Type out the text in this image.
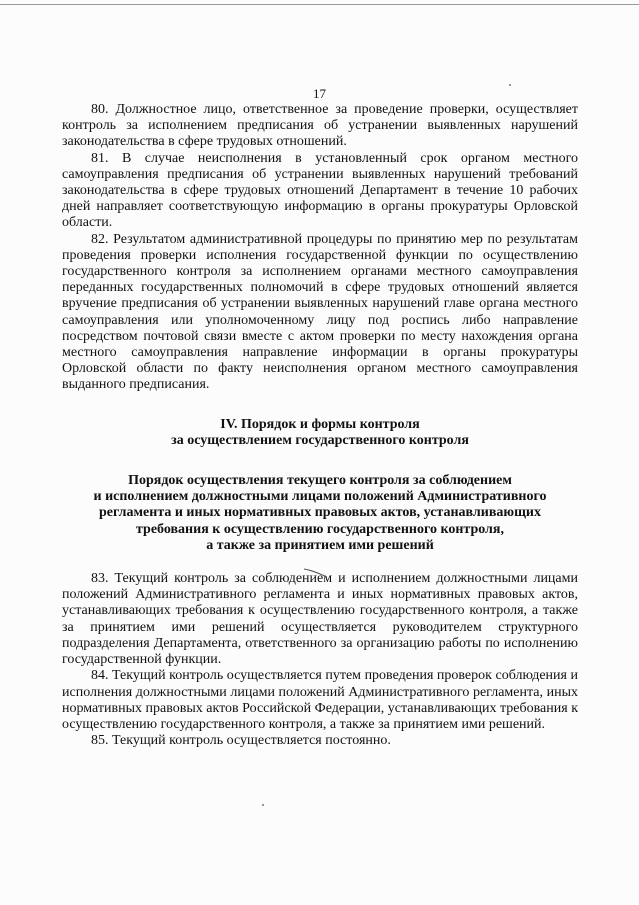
17

80. Должностное лицо, ответственное за проведение проверки, осуществляет контроль за исполнением предписания об устранении выявленных нарушений законодательства в сфере трудовых отношений.

81. В случае неисполнения в установленный срок органом местного самоуправления предписания об устранении выявленных нарушений требований законодательства в сфере трудовых отношений Департамент в течение 10 рабочих дней направляет соответствующую информацию в органы прокуратуры Орловской области.

82. Результатом административной процедуры по принятию мер по результатам проведения проверки исполнения государственной функции по осуществлению государственного контроля за исполнением органами местного самоуправления переданных государственных полномочий в сфере трудовых отношений является вручение предписания об устранении выявленных нарушений главе органа местного самоуправления или уполномоченному лицу под роспись либо направление посредством почтовой связи вместе с актом проверки по месту нахождения органа местного самоуправления направление информации в органы прокуратуры Орловской области по факту неисполнения органом местного самоуправления выданного предписания.

IV. Порядок и формы контроля
за осуществлением государственного контроля
Порядок осуществления текущего контроля за соблюдением
и исполнением должностными лицами положений Административного
регламента и иных нормативных правовых актов, устанавливающих
требования к осуществлению государственного контроля,
а также за принятием ими решений

83. Текущий контроль за соблюдением и исполнением должностными лицами положений Административного регламента и иных нормативных правовых актов, устанавливающих требования к осуществлению государственного контроля, а также за принятием ими решений осуществляется руководителем структурного подразделения Департамента, ответственного за организацию работы по исполнению государственной функции.

84. Текущий контроль осуществляется путем проведения проверок соблюдения и исполнения должностными лицами положений Административного регламента, иных нормативных правовых актов Российской Федерации, устанавливающих требования к осуществлению государственного контроля, а также за принятием ими решений.

85. Текущий контроль осуществляется постоянно.
